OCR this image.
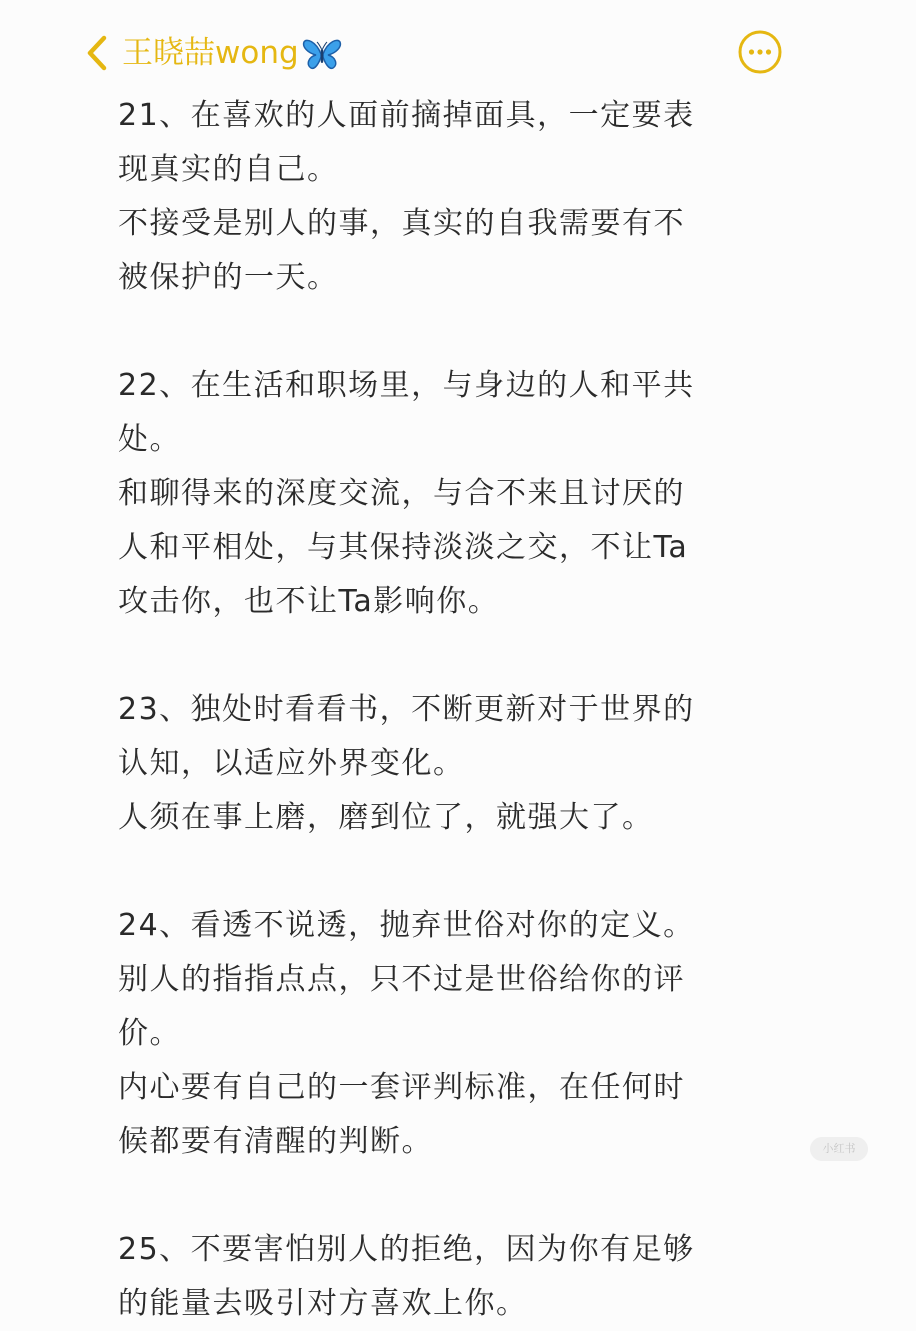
王晓喆wong
21、在喜欢的人面前摘掉面具，一定要表
现真实的自己。
不接受是别人的事，真实的自我需要有不
被保护的一天。
22、在生活和职场里，与身边的人和平共
处。
和聊得来的深度交流，与合不来且讨厌的
人和平相处，与其保持淡淡之交，不让Ta
攻击你，也不让Ta影响你。
23、独处时看看书，不断更新对于世界的
认知，以适应外界变化。
人须在事上磨，磨到位了，就强大了。
24、看透不说透，抛弃世俗对你的定义。
别人的指指点点，只不过是世俗给你的评
价。
内心要有自己的一套评判标准，在任何时
候都要有清醒的判断。
25、不要害怕别人的拒绝，因为你有足够
的能量去吸引对方喜欢上你。
小红书
